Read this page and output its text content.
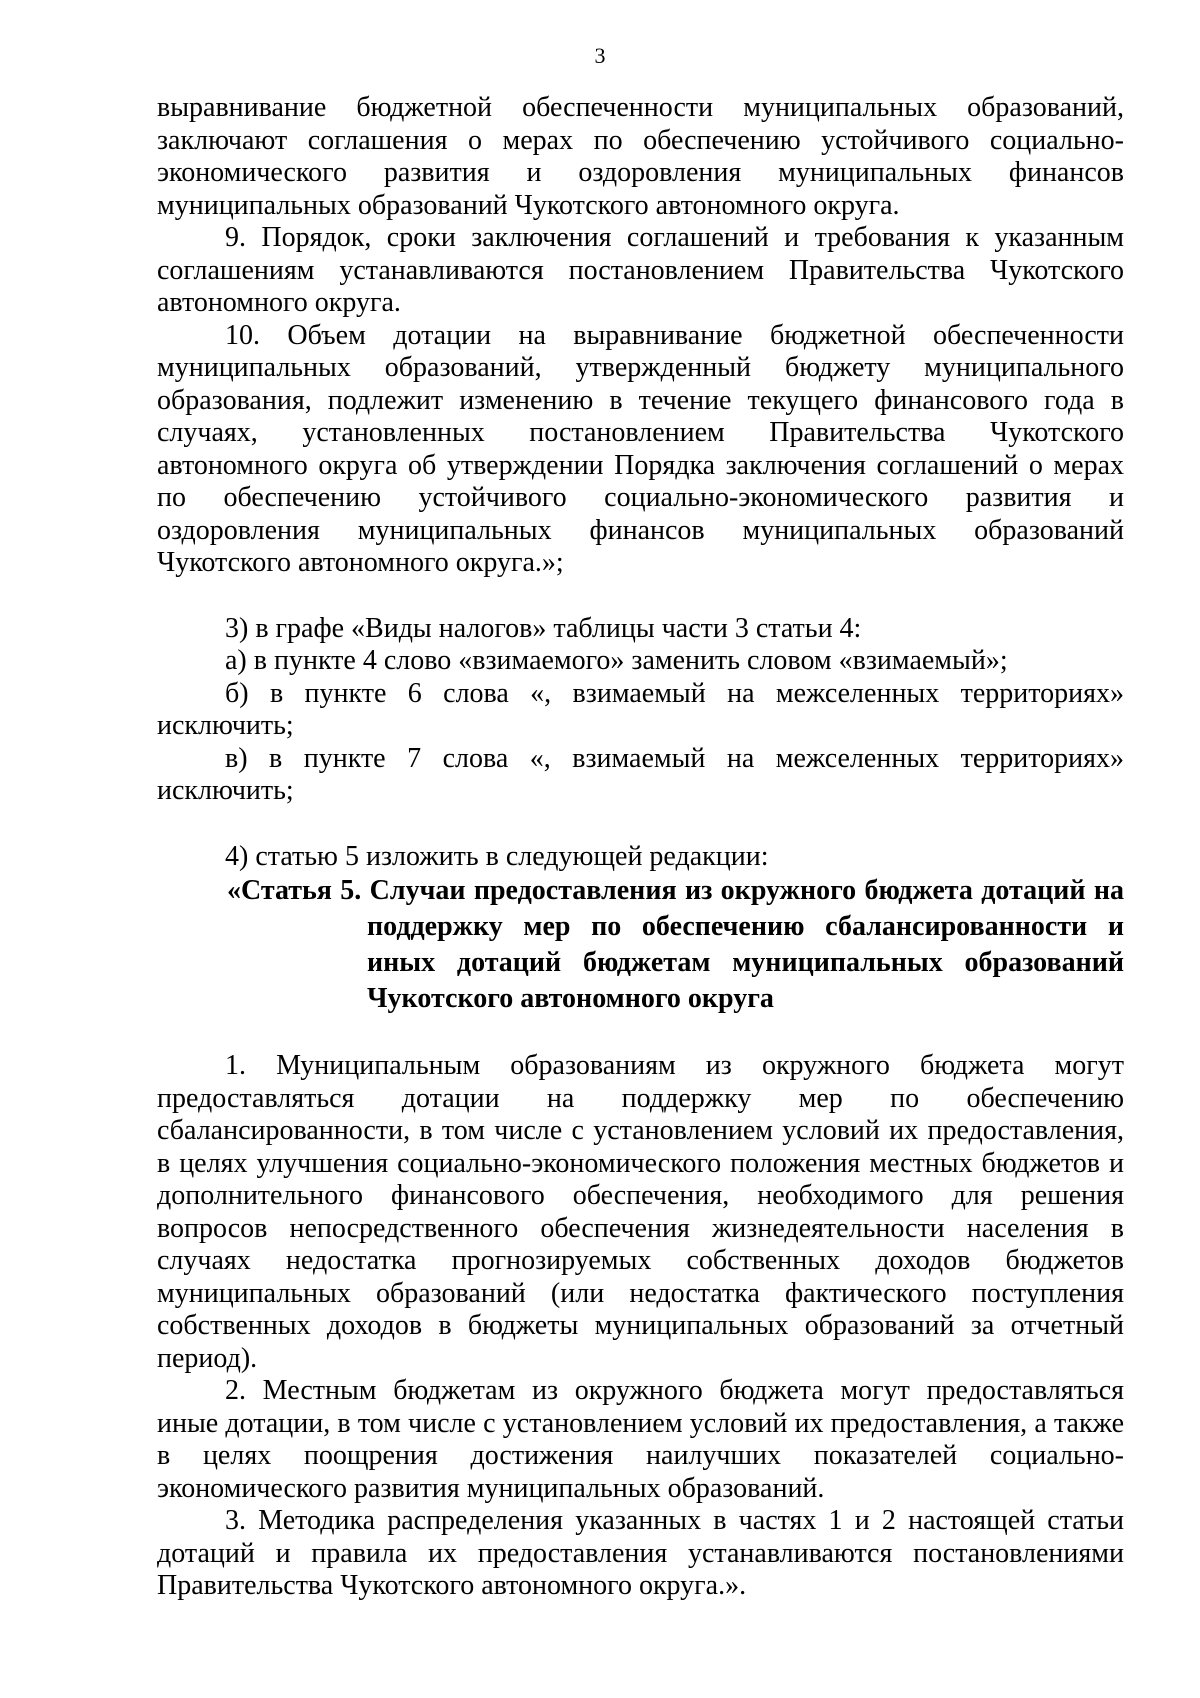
3

выравнивание бюджетной обеспеченности муниципальных образований, заключают соглашения о мерах по обеспечению устойчивого социально-экономического развития и оздоровления муниципальных финансов муниципальных образований Чукотского автономного округа.

9. Порядок, сроки заключения соглашений и требования к указанным соглашениям устанавливаются постановлением Правительства Чукотского автономного округа.

10. Объем дотации на выравнивание бюджетной обеспеченности муниципальных образований, утвержденный бюджету муниципального образования, подлежит изменению в течение текущего финансового года в случаях, установленных постановлением Правительства Чукотского автономного округа об утверждении Порядка заключения соглашений о мерах по обеспечению устойчивого социально-экономического развития и оздоровления муниципальных финансов муниципальных образований Чукотского автономного округа.»;

3) в графе «Виды налогов» таблицы части 3 статьи 4:

а) в пункте 4 слово «взимаемого» заменить словом «взимаемый»;

б) в пункте 6 слова «, взимаемый на межселенных территориях» исключить;

в) в пункте 7 слова «, взимаемый на межселенных территориях» исключить;

4) статью 5 изложить в следующей редакции:

«Статья 5. Случаи предоставления из окружного бюджета дотаций на поддержку мер по обеспечению сбалансированности и иных дотаций бюджетам муниципальных образований Чукотского автономного округа

1. Муниципальным образованиям из окружного бюджета могут предоставляться дотации на поддержку мер по обеспечению сбалансированности, в том числе с установлением условий их предоставления, в целях улучшения социально-экономического положения местных бюджетов и дополнительного финансового обеспечения, необходимого для решения вопросов непосредственного обеспечения жизнедеятельности населения в случаях недостатка прогнозируемых собственных доходов бюджетов муниципальных образований (или недостатка фактического поступления собственных доходов в бюджеты муниципальных образований за отчетный период).

2. Местным бюджетам из окружного бюджета могут предоставляться иные дотации, в том числе с установлением условий их предоставления, а также в целях поощрения достижения наилучших показателей социально-экономического развития муниципальных образований.

3. Методика распределения указанных в частях 1 и 2 настоящей статьи дотаций и правила их предоставления устанавливаются постановлениями Правительства Чукотского автономного округа.».
